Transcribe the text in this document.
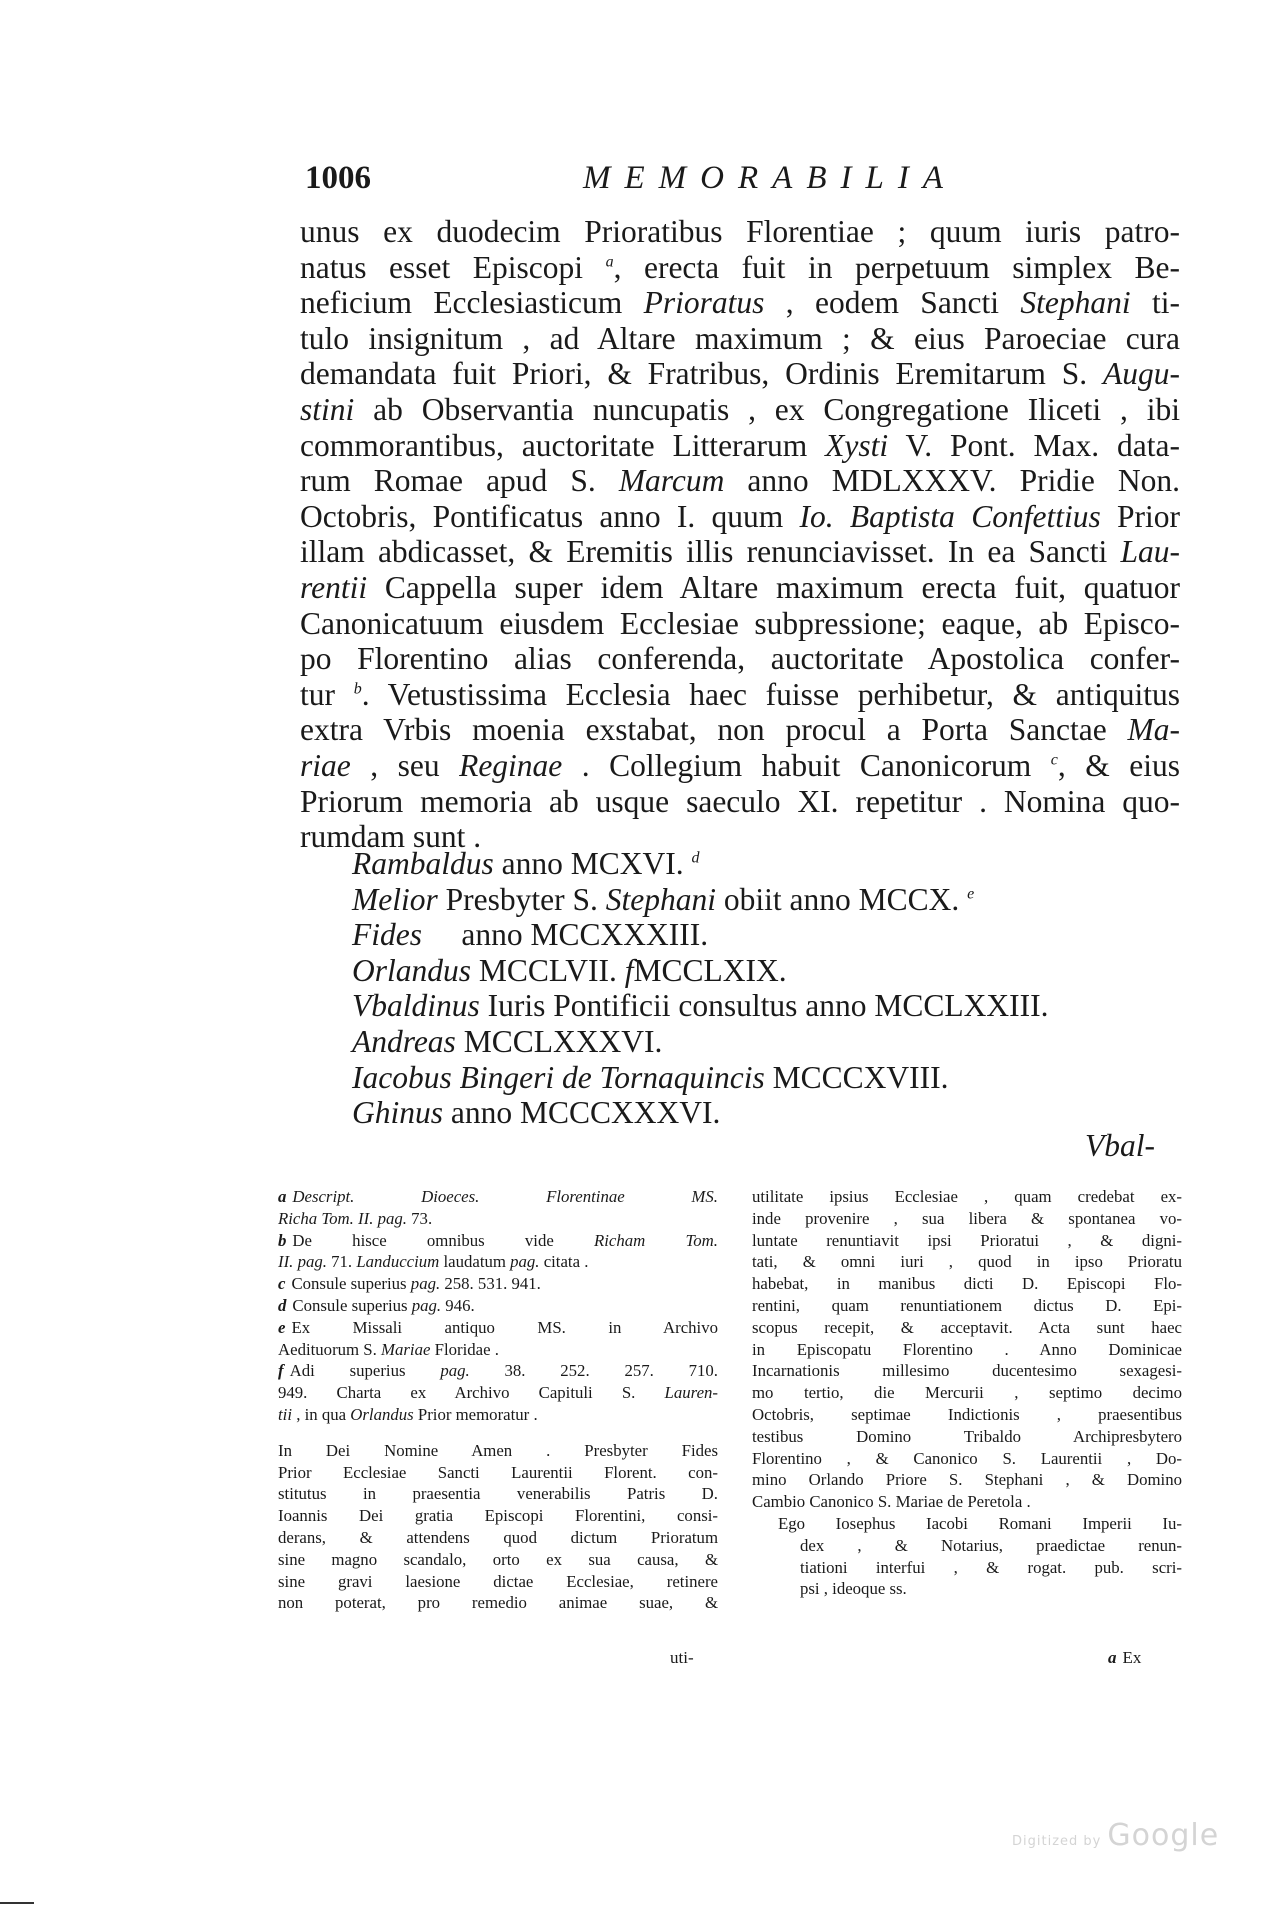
1006	MEMORABILIA

unus ex duodecim Prioratibus Florentiae ; quum iuris patro-

natus esset Episcopi $^a$, erecta fuit in perpetuum simplex Be-

neficium Ecclesiasticum Prioratus , eodem Sancti Stephani ti-

tulo insignitum , ad Altare maximum ; & eius Paroeciae cura

demandata fuit Priori, & Fratribus, Ordinis Eremitarum S. Augu-

stini ab Observantia nuncupatis , ex Congregatione Iliceti , ibi

commorantibus, auctoritate Litterarum Xysti V. Pont. Max. data-

rum Romae apud S. Marcum anno MDLXXXV. Pridie Non.

Octobris, Pontificatus anno I. quum Io. Baptista Confettius Prior

illam abdicasset, & Eremitis illis renunciavisset. In ea Sancti Lau-

rentii Cappella super idem Altare maximum erecta fuit, quatuor

Canonicatuum eiusdem Ecclesiae subpressione; eaque, ab Episco-

po Florentino alias conferenda, auctoritate Apostolica confer-

tur $^b$. Vetustissima Ecclesia haec fuisse perhibetur, & antiquitus

extra Vrbis moenia exstabat, non procul a Porta Sanctae Ma-

riae , seu Reginae . Collegium habuit Canonicorum $^c$, & eius

Priorum memoria ab usque saeculo XI. repetitur . Nomina quo-

rumdam sunt .

Rambaldus anno MCXVI. $^d$
Melior Presbyter S. Stephani obiit anno MCCX. $^e$
Fides     anno MCCXXXIII.
Orlandus MCCLVII. fMCCLXIX.
Vbaldinus Iuris Pontificii consultus anno MCCLXXIII.
Andreas MCCLXXXVI.
Iacobus Bingeri de Tornaquincis MCCCXVIII.
Ghinus anno MCCCXXXVI.
Vbal-

a Descript. Dioeces. Florentinae MS.

Richa Tom. II. pag. 73.

b De hisce omnibus vide Richam Tom.

II. pag. 71. Landuccium laudatum pag. citata .

c Consule superius pag. 258. 531. 941.

d Consule superius pag. 946.

e Ex Missali antiquo MS. in Archivo

Aedituorum S. Mariae Floridae .

f Adi superius pag. 38. 252. 257. 710.

949. Charta ex Archivo Capituli S. Lauren-

tii , in qua Orlandus Prior memoratur .

In Dei Nomine Amen . Presbyter Fides

Prior Ecclesiae Sancti Laurentii Florent. con-

stitutus in praesentia venerabilis Patris D.

Ioannis Dei gratia Episcopi Florentini, consi-

derans, & attendens quod dictum Prioratum

sine magno scandalo, orto ex sua causa, &

sine gravi laesione dictae Ecclesiae, retinere

non poterat, pro remedio animae suae, &

uti-

utilitate ipsius Ecclesiae , quam credebat ex-

inde provenire , sua libera & spontanea vo-

luntate renuntiavit ipsi Prioratui , & digni-

tati, & omni iuri , quod in ipso Prioratu

habebat, in manibus dicti D. Episcopi Flo-

rentini, quam renuntiationem dictus D. Epi-

scopus recepit, & acceptavit. Acta sunt haec

in Episcopatu Florentino . Anno Dominicae

Incarnationis millesimo ducentesimo sexagesi-

mo tertio, die Mercurii , septimo decimo

Octobris, septimae Indictionis , praesentibus

testibus Domino Tribaldo Archipresbytero

Florentino , & Canonico S. Laurentii , Do-

mino Orlando Priore S. Stephani , & Domino

Cambio Canonico S. Mariae de Peretola .

Ego Iosephus Iacobi Romani Imperii Iu-

dex , & Notarius, praedictae renun-

tiationi interfui , & rogat. pub. scri-

psi , ideoque ss.

a Ex
Digitized by Google
